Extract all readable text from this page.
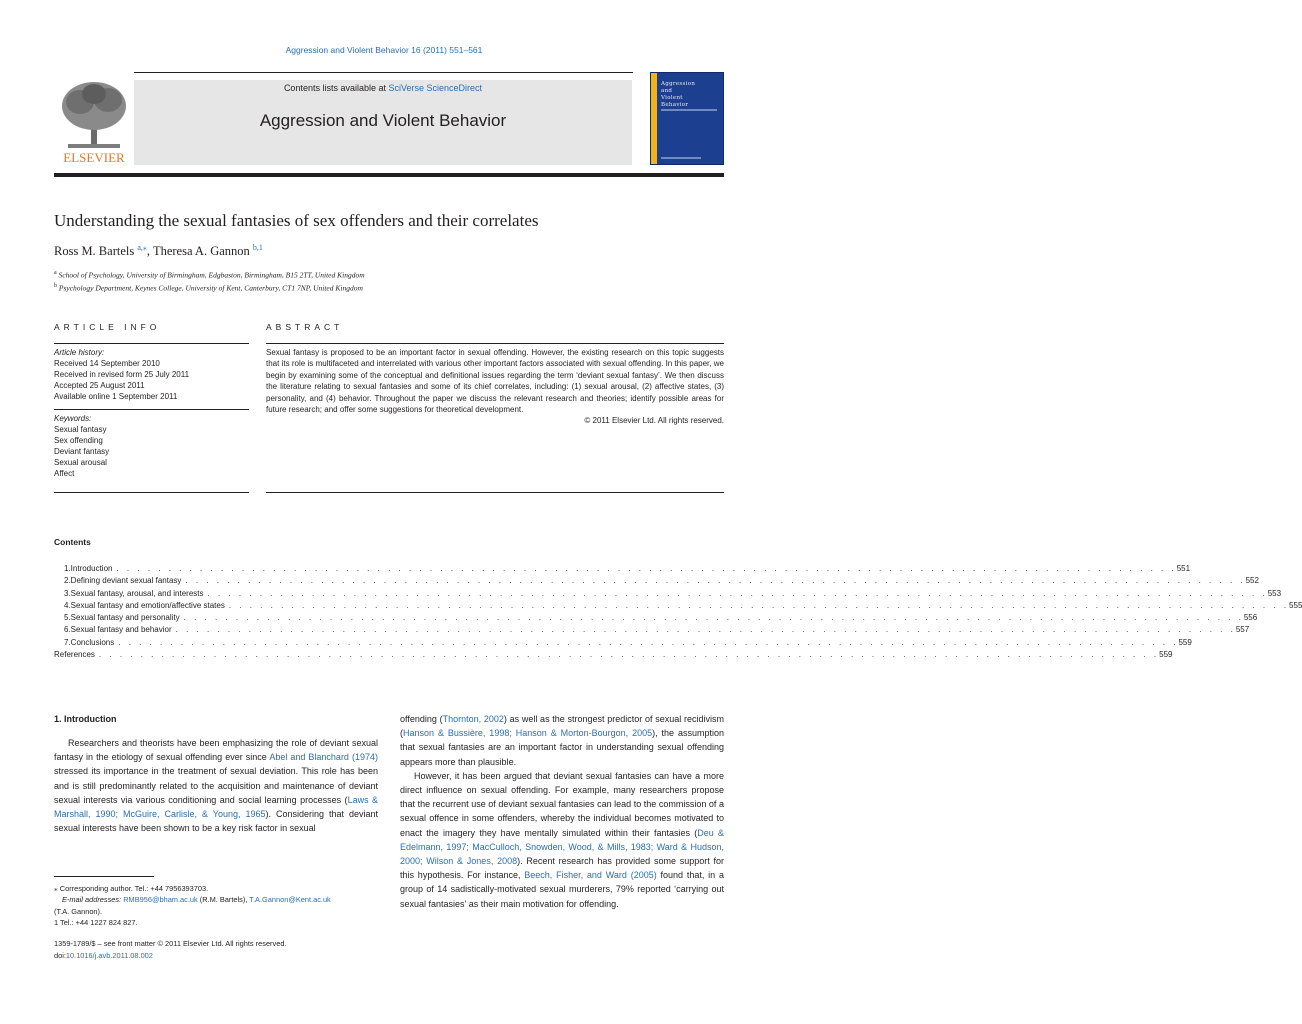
Aggression and Violent Behavior 16 (2011) 551–561
ELSEVIER
Contents lists available at SciVerse ScienceDirect
Aggression and Violent Behavior
Aggression
and
Violent
Behavior
Understanding the sexual fantasies of sex offenders and their correlates
Ross M. Bartels $^{a,⁎}$, Theresa A. Gannon $^{b,1}$
$^a$ School of Psychology, University of Birmingham, Edgbaston, Birmingham, B15 2TT, United Kingdom
$^b$ Psychology Department, Keynes College, University of Kent, Canterbury, CT1 7NP, United Kingdom
ARTICLE INFO	ABSTRACT
Article history:
Received 14 September 2010
Received in revised form 25 July 2011
Accepted 25 August 2011
Available online 1 September 2011
Keywords:
Sexual fantasy
Sex offending
Deviant fantasy
Sexual arousal
Affect
Sexual fantasy is proposed to be an important factor in sexual offending. However, the existing research on this topic suggests that its role is multifaceted and interrelated with various other important factors associated with sexual offending. In this paper, we begin by examining some of the conceptual and definitional issues regarding the term ‘deviant sexual fantasy’. We then discuss the literature relating to sexual fantasies and some of its chief correlates, including: (1) sexual arousal, (2) affective states, (3) personality, and (4) behavior. Throughout the paper we discuss the relevant research and theories; identify possible areas for future research; and offer some suggestions for theoretical development.
© 2011 Elsevier Ltd. All rights reserved.
Contents
1. Introduction . . . . . . . . . . . . . . . . . . . . . . . . . . . . . . . . . . . . . . . . . . . . . . . . . . . . . . . . . . . . . . . . . . . . . . . . . . . . . . . . . . . . . . . . . . . . . . . . . . . . . . 551
2. Defining deviant sexual fantasy . . . . . . . . . . . . . . . . . . . . . . . . . . . . . . . . . . . . . . . . . . . . . . . . . . . . . . . . . . . . . . . . . . . . . . . . . . . . . . . . . . . . . . . . . . . . . . . . . . . . . . 552
3. Sexual fantasy, arousal, and interests . . . . . . . . . . . . . . . . . . . . . . . . . . . . . . . . . . . . . . . . . . . . . . . . . . . . . . . . . . . . . . . . . . . . . . . . . . . . . . . . . . . . . . . . . . . . . . . . . . . . . . 553
4. Sexual fantasy and emotion/affective states . . . . . . . . . . . . . . . . . . . . . . . . . . . . . . . . . . . . . . . . . . . . . . . . . . . . . . . . . . . . . . . . . . . . . . . . . . . . . . . . . . . . . . . . . . . . . . . . . . . . . . 555
5. Sexual fantasy and personality . . . . . . . . . . . . . . . . . . . . . . . . . . . . . . . . . . . . . . . . . . . . . . . . . . . . . . . . . . . . . . . . . . . . . . . . . . . . . . . . . . . . . . . . . . . . . . . . . . . . . . 556
6. Sexual fantasy and behavior . . . . . . . . . . . . . . . . . . . . . . . . . . . . . . . . . . . . . . . . . . . . . . . . . . . . . . . . . . . . . . . . . . . . . . . . . . . . . . . . . . . . . . . . . . . . . . . . . . . . . . 557
7. Conclusions . . . . . . . . . . . . . . . . . . . . . . . . . . . . . . . . . . . . . . . . . . . . . . . . . . . . . . . . . . . . . . . . . . . . . . . . . . . . . . . . . . . . . . . . . . . . . . . . . . . . . . 559
References . . . . . . . . . . . . . . . . . . . . . . . . . . . . . . . . . . . . . . . . . . . . . . . . . . . . . . . . . . . . . . . . . . . . . . . . . . . . . . . . . . . . . . . . . . . . . . . . . . . . . . 559
1. Introduction
Researchers and theorists have been emphasizing the role of deviant sexual fantasy in the etiology of sexual offending ever since Abel and Blanchard (1974) stressed its importance in the treatment of sexual deviation. This role has been and is still predominantly related to the acquisition and maintenance of deviant sexual interests via various conditioning and social learning processes (Laws & Marshall, 1990; McGuire, Carlisle, & Young, 1965). Considering that deviant sexual interests have been shown to be a key risk factor in sexual
offending (Thornton, 2002) as well as the strongest predictor of sexual recidivism (Hanson & Bussière, 1998; Hanson & Morton-Bourgon, 2005), the assumption that sexual fantasies are an important factor in understanding sexual offending appears more than plausible.
However, it has been argued that deviant sexual fantasies can have a more direct influence on sexual offending. For example, many researchers propose that the recurrent use of deviant sexual fantasies can lead to the commission of a sexual offence in some offenders, whereby the individual becomes motivated to enact the imagery they have mentally simulated within their fantasies (Deu & Edelmann, 1997; MacCulloch, Snowden, Wood, & Mills, 1983; Ward & Hudson, 2000; Wilson & Jones, 2008). Recent research has provided some support for this hypothesis. For instance, Beech, Fisher, and Ward (2005) found that, in a group of 14 sadistically-motivated sexual murderers, 79% reported ‘carrying out sexual fantasies’ as their main motivation for offending.
⁎ Corresponding author. Tel.: +44 7956393703.
E-mail addresses: RMB956@bham.ac.uk (R.M. Bartels), T.A.Gannon@Kent.ac.uk
(T.A. Gannon).
1 Tel.: +44 1227 824 827.
1359-1789/$ – see front matter © 2011 Elsevier Ltd. All rights reserved.
doi:10.1016/j.avb.2011.08.002
